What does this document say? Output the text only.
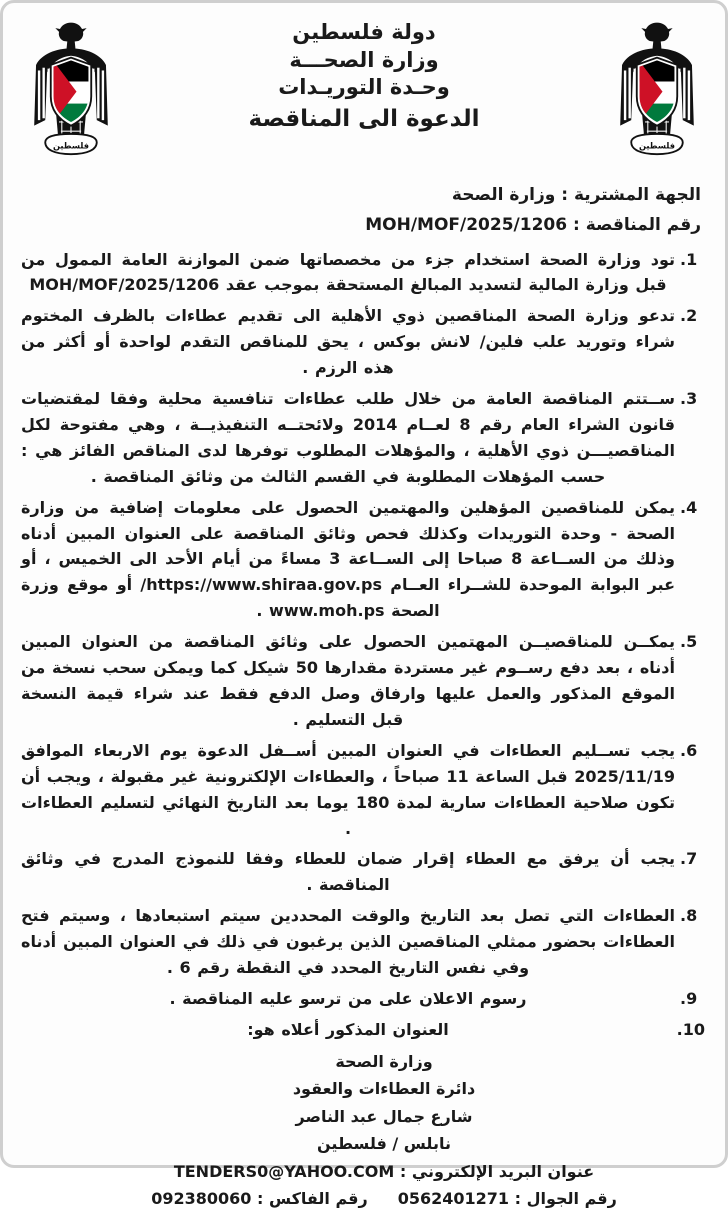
فلسطين
دولة فلسطين
وزارة الصحـــة
وحـدة التوريـدات
الدعوة الى المناقصة
فلسطين
الجهة المشترية : وزارة الصحة
رقم المناقصة : MOH/MOF/2025/1206
1.
تود وزارة الصحة استخدام جزء من مخصصاتها ضمن الموازنة العامة الممول من قبل وزارة المالية لتسديد المبالغ المستحقة بموجب عقد MOH/MOF/2025/1206
2.
تدعو وزارة الصحة المناقصين ذوي الأهلية الى تقديم عطاءات بالظرف المختوم شراء وتوريد علب فلين/ لانش بوكس ، يحق للمناقص التقدم لواحدة أو أكثر من هذه الرزم .
3.
ســتتم المناقصة العامة من خلال طلب عطاءات تنافسية محلية وفقا لمقتضيات قانون الشراء العام رقم 8 لعــام 2014 ولائحتــه التنفيذيــة ، وهي مفتوحة لكل المناقصيـــن ذوي الأهلية ، والمؤهلات المطلوب توفرها لدى المناقص الفائز هي : حسب المؤهلات المطلوبة في القسم الثالث من وثائق المناقصة .
4.
يمكن للمناقصين المؤهلين والمهتمين الحصول على معلومات إضافية من وزارة الصحة - وحدة التوريدات وكذلك فحص وثائق المناقصة على العنوان المبين أدناه وذلك من الســاعة 8 صباحا إلى الســاعة 3 مساءً من أيام الأحد الى الخميس ، أو عبر البوابة الموحدة للشــراء العــام https://www.shiraa.gov.ps/ أو موقع وزرة الصحة www.moh.ps .
5.
يمكــن للمناقصيــن المهتمين الحصول على وثائق المناقصة من العنوان المبين أدناه ، بعد دفع رســوم غير مستردة مقدارها 50 شيكل كما ويمكن سحب نسخة من الموقع المذكور والعمل عليها وارفاق وصل الدفع فقط عند شراء قيمة النسخة قبل التسليم .
6.
يجب تســليم العطاءات في العنوان المبين أســفل الدعوة يوم الاربعاء الموافق 2025/11/19 قبل الساعة 11 صباحاً ، والعطاءات الإلكترونية غير مقبولة ، ويجب أن تكون صلاحية العطاءات سارية لمدة 180 يوما بعد التاريخ النهائي لتسليم العطاءات .
7.
يجب أن يرفق مع العطاء إقرار ضمان للعطاء وفقا للنموذج المدرج في وثائق المناقصة .
8.
العطاءات التي تصل بعد التاريخ والوقت المحددين سيتم استبعادها ، وسيتم فتح العطاءات بحضور ممثلي المناقصين الذين يرغبون في ذلك في العنوان المبين أدناه وفي نفس التاريخ المحدد في النقطة رقم 6 .
9.
رسوم الاعلان على من ترسو عليه المناقصة .
10.
العنوان المذكور أعلاه هو:
وزارة الصحة
دائرة العطاءات والعقود
شارع جمال عبد الناصر
نابلس / فلسطين
عنوان البريد الإلكتروني : TENDERS0@YAHOO.COM
رقم الجوال : 0562401271
رقم الفاكس : 092380060
